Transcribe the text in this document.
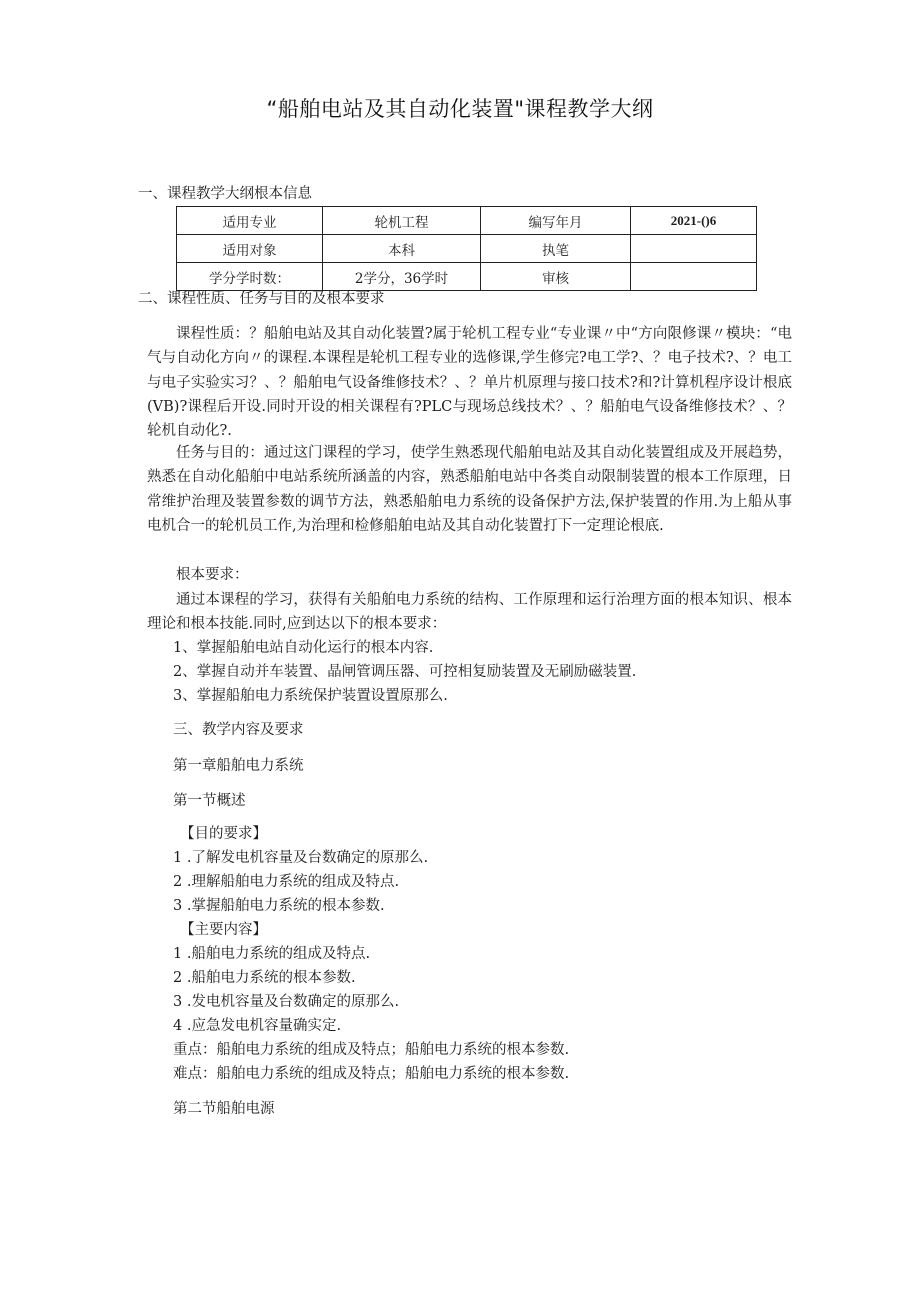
“船舶电站及其自动化装置"课程教学大纲
一、课程教学大纲根本信息
适用专业	轮机工程	编写年月	2021-()6
适用对象	本科	执笔	
学分学时数：	2学分，36学时	审核	
二、课程性质、任务与目的及根本要求
课程性质：？船舶电站及其自动化装置?属于轮机工程专业“专业课〃中“方向限修课〃模块：“电气与自动化方向〃的课程.本课程是轮机工程专业的选修课,学生修完?电工学?、？电子技术?、？电工与电子实验实习？、？船舶电气设备维修技术？、？单片机原理与接口技术?和?计算机程序设计根底(VB)?课程后开设.同时开设的相关课程有?PLC与现场总线技术？、？船舶电气设备维修技术？、？轮机自动化?.
任务与目的：通过这门课程的学习，使学生熟悉现代船舶电站及其自动化装置组成及开展趋势，熟悉在自动化船舶中电站系统所涵盖的内容，熟悉船舶电站中各类自动限制装置的根本工作原理，日常维护治理及装置参数的调节方法，熟悉船舶电力系统的设备保护方法,保护装置的作用.为上船从事电机合一的轮机员工作,为治理和检修船舶电站及其自动化装置打下一定理论根底.
根本要求：
通过本课程的学习，获得有关船舶电力系统的结构、工作原理和运行治理方面的根本知识、根本理论和根本技能.同时,应到达以下的根本要求：
1、掌握船舶电站自动化运行的根本内容.
2、掌握自动并车装置、晶闸管调压器、可控相复励装置及无刷励磁装置.
3、掌握船舶电力系统保护装置设置原那么.
三、教学内容及要求
第一章船舶电力系统
第一节概述
【目的要求】
1 .了解发电机容量及台数确定的原那么.
2 .理解船舶电力系统的组成及特点.
3 .掌握船舶电力系统的根本参数.
【主要内容】
1 .船舶电力系统的组成及特点.
2 .船舶电力系统的根本参数.
3 .发电机容量及台数确定的原那么.
4 .应急发电机容量确实定.
重点：船舶电力系统的组成及特点；船舶电力系统的根本参数.
难点：船舶电力系统的组成及特点；船舶电力系统的根本参数.
第二节船舶电源
